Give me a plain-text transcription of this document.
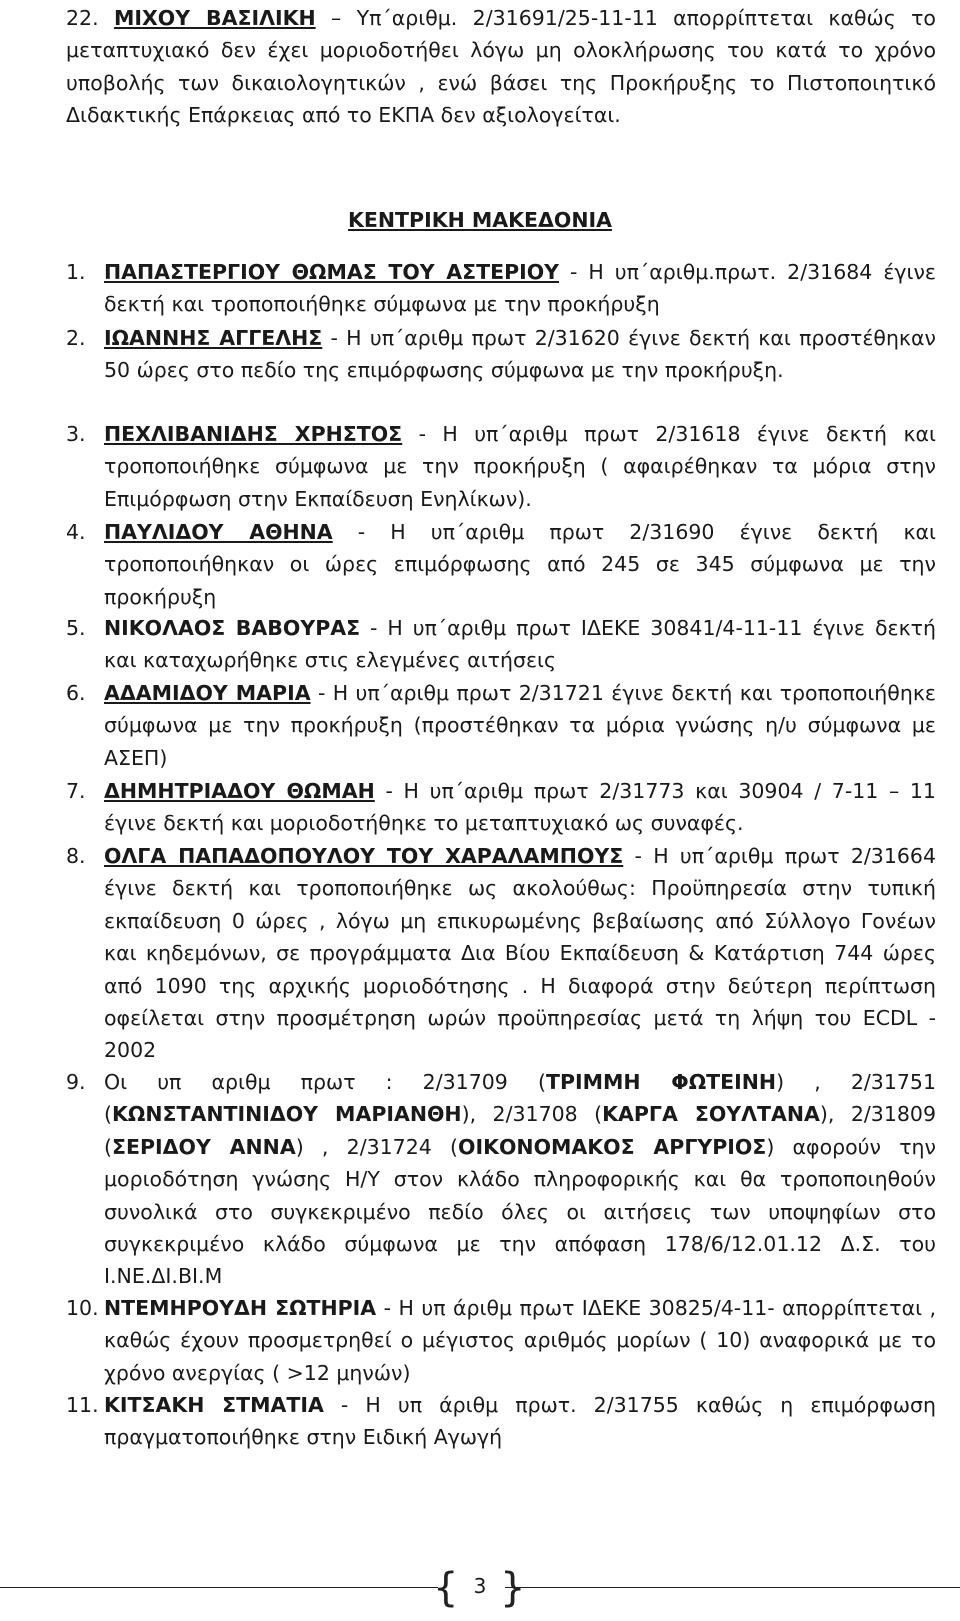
22. ΜΙΧΟΥ ΒΑΣΙΛΙΚΗ – Υπ΄αριθμ. 2/31691/25-11-11 απορρίπτεται καθώς το μεταπτυχιακό δεν έχει μοριοδοτήθει λόγω μη ολοκλήρωσης του κατά το χρόνο υποβολής των δικαιολογητικών , ενώ βάσει της Προκήρυξης το Πιστοποιητικό Διδακτικής Επάρκειας από το ΕΚΠΑ δεν αξιολογείται.
ΚΕΝΤΡΙΚΗ ΜΑΚΕΔΟΝΙΑ
1. ΠΑΠΑΣΤΕΡΓΙΟΥ ΘΩΜΑΣ ΤΟΥ ΑΣΤΕΡΙΟΥ - Η υπ΄αριθμ.πρωτ. 2/31684 έγινε δεκτή και τροποποιήθηκε σύμφωνα με την προκήρυξη
2. ΙΩΑΝΝΗΣ ΑΓΓΕΛΗΣ - Η υπ΄αριθμ πρωτ 2/31620 έγινε δεκτή και προστέθηκαν 50 ώρες στο πεδίο της επιμόρφωσης σύμφωνα με την προκήρυξη.
3. ΠΕΧΛΙΒΑΝΙΔΗΣ ΧΡΗΣΤΟΣ - Η υπ΄αριθμ πρωτ 2/31618 έγινε δεκτή και τροποποιήθηκε σύμφωνα με την προκήρυξη ( αφαιρέθηκαν τα μόρια στην Επιμόρφωση στην Εκπαίδευση Ενηλίκων).
4. ΠΑΥΛΙΔΟΥ ΑΘΗΝΑ - Η υπ΄αριθμ πρωτ 2/31690 έγινε δεκτή και τροποποιήθηκαν οι ώρες επιμόρφωσης από 245 σε 345 σύμφωνα με την προκήρυξη
5. ΝΙΚΟΛΑΟΣ ΒΑΒΟΥΡΑΣ - Η υπ΄αριθμ πρωτ ΙΔΕΚΕ 30841/4-11-11 έγινε δεκτή και καταχωρήθηκε στις ελεγμένες αιτήσεις
6. ΑΔΑΜΙΔΟΥ ΜΑΡΙΑ - Η υπ΄αριθμ πρωτ 2/31721 έγινε δεκτή και τροποποιήθηκε σύμφωνα με την προκήρυξη (προστέθηκαν τα μόρια γνώσης η/υ σύμφωνα με ΑΣΕΠ)
7. ΔΗΜΗΤΡΙΑΔΟΥ ΘΩΜΑΗ - Η υπ΄αριθμ πρωτ 2/31773 και 30904 / 7-11 – 11 έγινε δεκτή και μοριοδοτήθηκε το μεταπτυχιακό ως συναφές.
8. ΟΛΓΑ ΠΑΠΑΔΟΠΟΥΛΟΥ ΤΟΥ ΧΑΡΑΛΑΜΠΟΥΣ - Η υπ΄αριθμ πρωτ 2/31664 έγινε δεκτή και τροποποιήθηκε ως ακολούθως: Προϋπηρεσία στην τυπική εκπαίδευση 0 ώρες , λόγω μη επικυρωμένης βεβαίωσης από Σύλλογο Γονέων και κηδεμόνων, σε προγράμματα Δια Βίου Εκπαίδευση & Κατάρτιση 744 ώρες από 1090 της αρχικής μοριοδότησης . Η διαφορά στην δεύτερη περίπτωση οφείλεται στην προσμέτρηση ωρών προϋπηρεσίας μετά τη λήψη του ECDL - 2002
9. Οι υπ αριθμ πρωτ : 2/31709 (ΤΡΙΜΜΗ ΦΩΤΕΙΝΗ) , 2/31751 (ΚΩΝΣΤΑΝΤΙΝΙΔΟΥ ΜΑΡΙΑΝΘΗ), 2/31708 (ΚΑΡΓΑ ΣΟΥΛΤΑΝΑ), 2/31809 (ΣΕΡΙΔΟΥ ΑΝΝΑ) , 2/31724 (ΟΙΚΟΝΟΜΑΚΟΣ ΑΡΓΥΡΙΟΣ) αφορούν την μοριοδότηση γνώσης Η/Υ στον κλάδο πληροφορικής και θα τροποποιηθούν συνολικά στο συγκεκριμένο πεδίο όλες οι αιτήσεις των υποψηφίων στο συγκεκριμένο κλάδο σύμφωνα με την απόφαση 178/6/12.01.12 Δ.Σ. του Ι.ΝΕ.ΔΙ.ΒΙ.Μ
10. ΝΤΕΜΗΡΟΥΔΗ ΣΩΤΗΡΙΑ - Η υπ άριθμ πρωτ ΙΔΕΚΕ 30825/4-11- απορρίπτεται , καθώς έχουν προσμετρηθεί ο μέγιστος αριθμός μορίων ( 10) αναφορικά με το χρόνο ανεργίας ( >12 μηνών)
11. ΚΙΤΣΑΚΗ ΣΤΜΑΤΙΑ - Η υπ άριθμ πρωτ. 2/31755 καθώς η επιμόρφωση πραγματοποιήθηκε στην Ειδική Αγωγή
{ {
3
